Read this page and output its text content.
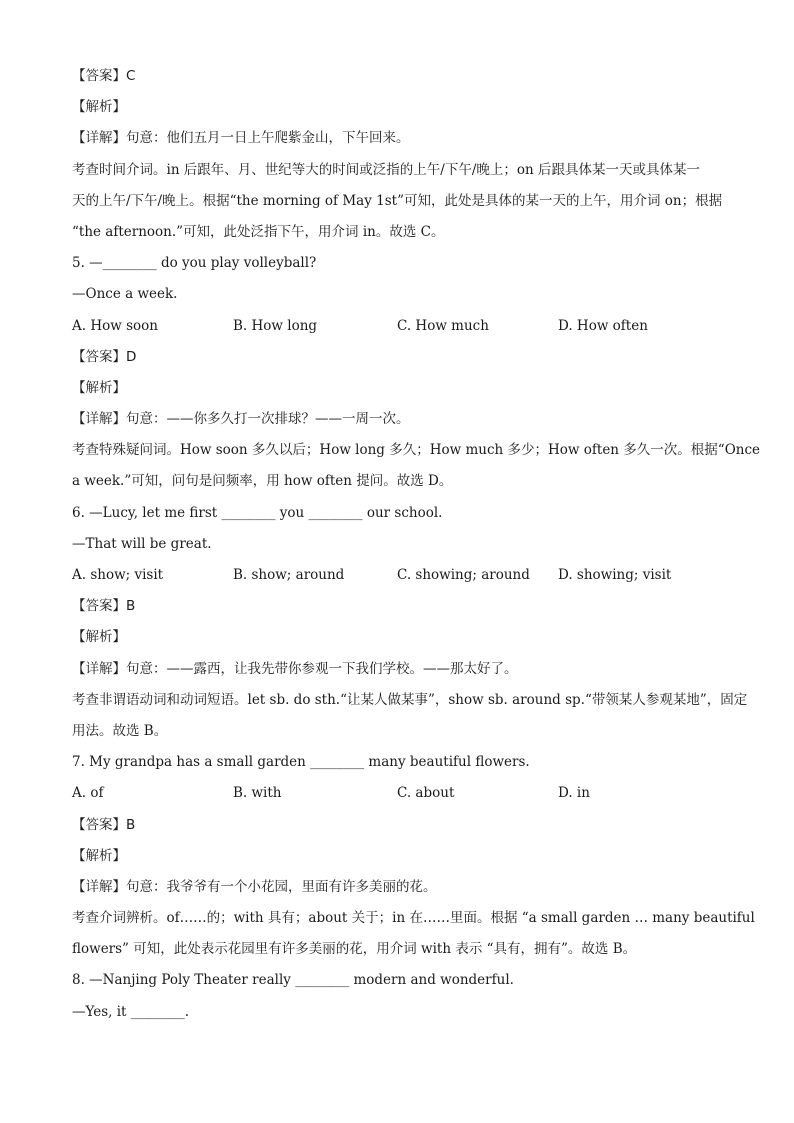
【答案】C
【解析】
【详解】句意：他们五月一日上午爬紫金山，下午回来。
考查时间介词。in 后跟年、月、世纪等大的时间或泛指的上午/下午/晚上；on 后跟具体某一天或具体某一
天的上午/下午/晚上。根据“the morning of May 1st”可知，此处是具体的某一天的上午，用介词 on；根据
“the afternoon.”可知，此处泛指下午，用介词 in。故选 C。
5. —________ do you play volleyball?
—Once a week.
A. How soon	B. How long	C. How much	D. How often
【答案】D
【解析】
【详解】句意：——你多久打一次排球？——一周一次。
考查特殊疑问词。How soon 多久以后；How long 多久；How much 多少；How often 多久一次。根据“Once
a week.”可知，问句是问频率，用 how often 提问。故选 D。
6. —Lucy, let me first ________ you ________ our school.
—That will be great.
A. show; visit	B. show; around	C. showing; around	D. showing; visit
【答案】B
【解析】
【详解】句意：——露西，让我先带你参观一下我们学校。——那太好了。
考查非谓语动词和动词短语。let sb. do sth.“让某人做某事”，show sb. around sp.“带领某人参观某地”，固定
用法。故选 B。
7. My grandpa has a small garden ________ many beautiful flowers.
A. of	B. with	C. about	D. in
【答案】B
【解析】
【详解】句意：我爷爷有一个小花园，里面有许多美丽的花。
考查介词辨析。of……的；with 具有；about 关于；in 在……里面。根据 “a small garden … many beautiful
flowers” 可知，此处表示花园里有许多美丽的花，用介词 with 表示 “具有，拥有”。故选 B。
8. —Nanjing Poly Theater really ________ modern and wonderful.
—Yes, it ________.
